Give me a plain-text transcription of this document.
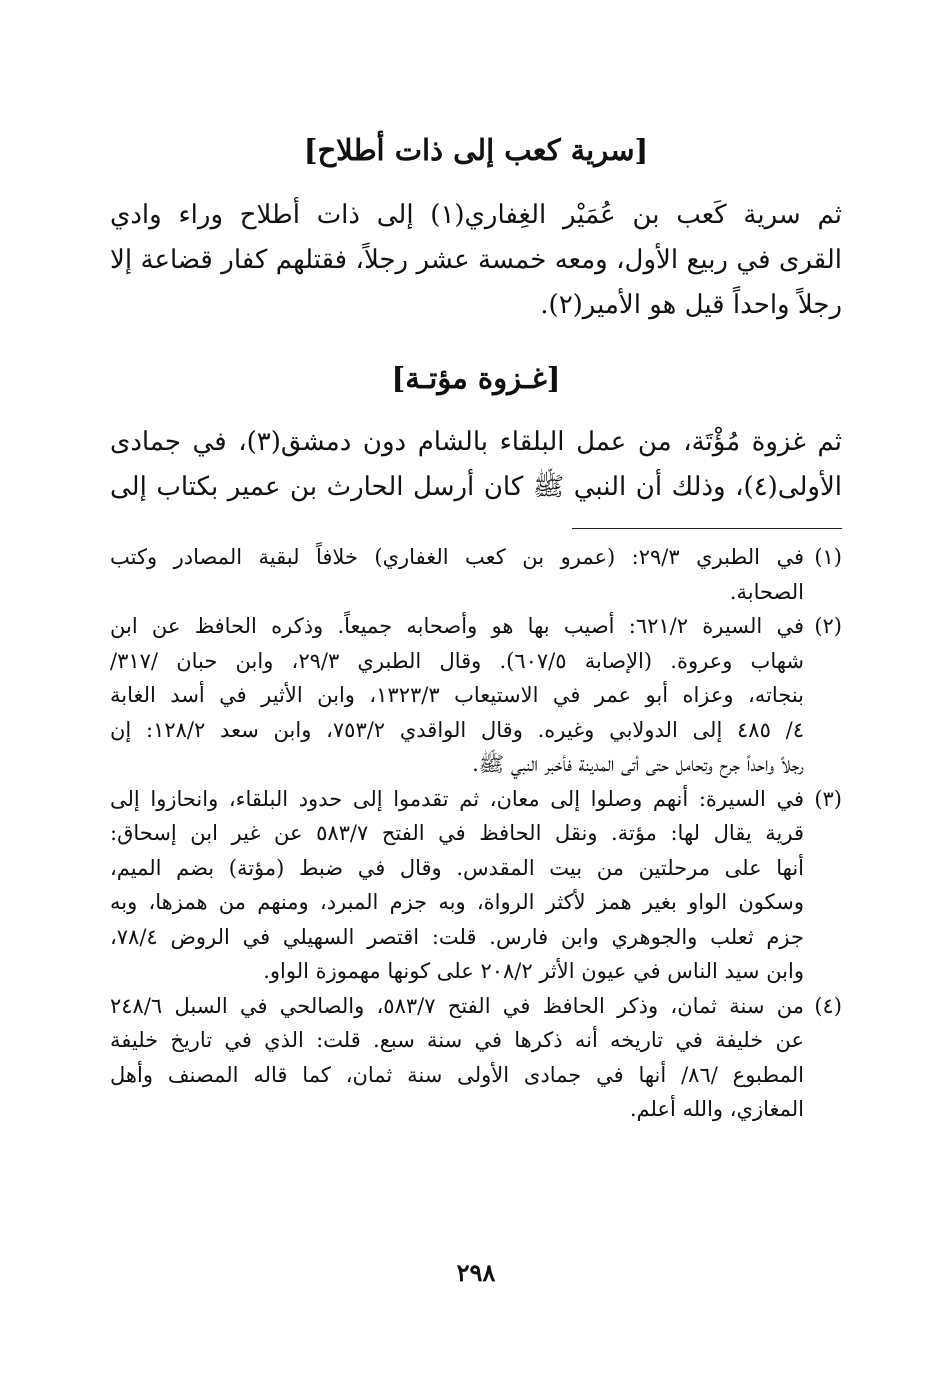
[سرية كعب إلى ذات أطلاح]
ثم سرية كَعب بن عُمَيْر الغِفاري(١) إلى ذات أطلاح وراء وادي
القرى في ربيع الأول، ومعه خمسة عشر رجلاً، فقتلهم كفار قضاعة إلا
رجلاً واحداً قيل هو الأمير(٢).
[غـزوة مؤتـة]
ثم غزوة مُؤْتَة، من عمل البلقاء بالشام دون دمشق(٣)، في جمادى
الأولى(٤)، وذلك أن النبي ﷺ كان أرسل الحارث بن عمير بكتاب إلى
(١)
في الطبري ٢٩/٣: (عمرو بن كعب الغفاري) خلافاً لبقية المصادر وكتب
الصحابة.
(٢)
في السيرة ٦٢١/٢: أصيب بها هو وأصحابه جميعاً. وذكره الحافظ عن ابن
شهاب وعروة. (الإصابة ٦٠٧/٥). وقال الطبري ٢٩/٣، وابن حبان /٣١٧/
بنجاته، وعزاه أبو عمر في الاستيعاب ١٣٢٣/٣، وابن الأثير في أسد الغابة
٤/ ٤٨٥ إلى الدولابي وغيره. وقال الواقدي ٧٥٣/٢، وابن سعد ١٢٨/٢: إن
رجلاً واحداً جرح وتحامل حتى أتى المدينة فأخبر النبي ﷺ.
(٣)
في السيرة: أنهم وصلوا إلى معان، ثم تقدموا إلى حدود البلقاء، وانحازوا إلى
قرية يقال لها: مؤتة. ونقل الحافظ في الفتح ٥٨٣/٧ عن غير ابن إسحاق:
أنها على مرحلتين من بيت المقدس. وقال في ضبط (مؤتة) بضم الميم،
وسكون الواو بغير همز لأكثر الرواة، وبه جزم المبرد، ومنهم من همزها، وبه
جزم ثعلب والجوهري وابن فارس. قلت: اقتصر السهيلي في الروض ٧٨/٤،
وابن سيد الناس في عيون الأثر ٢٠٨/٢ على كونها مهموزة الواو.
(٤)
من سنة ثمان، وذكر الحافظ في الفتح ٥٨٣/٧، والصالحي في السبل ٢٤٨/٦
عن خليفة في تاريخه أنه ذكرها في سنة سبع. قلت: الذي في تاريخ خليفة
المطبوع /٨٦/ أنها في جمادى الأولى سنة ثمان، كما قاله المصنف وأهل
المغازي، والله أعلم.

٢٩٨
